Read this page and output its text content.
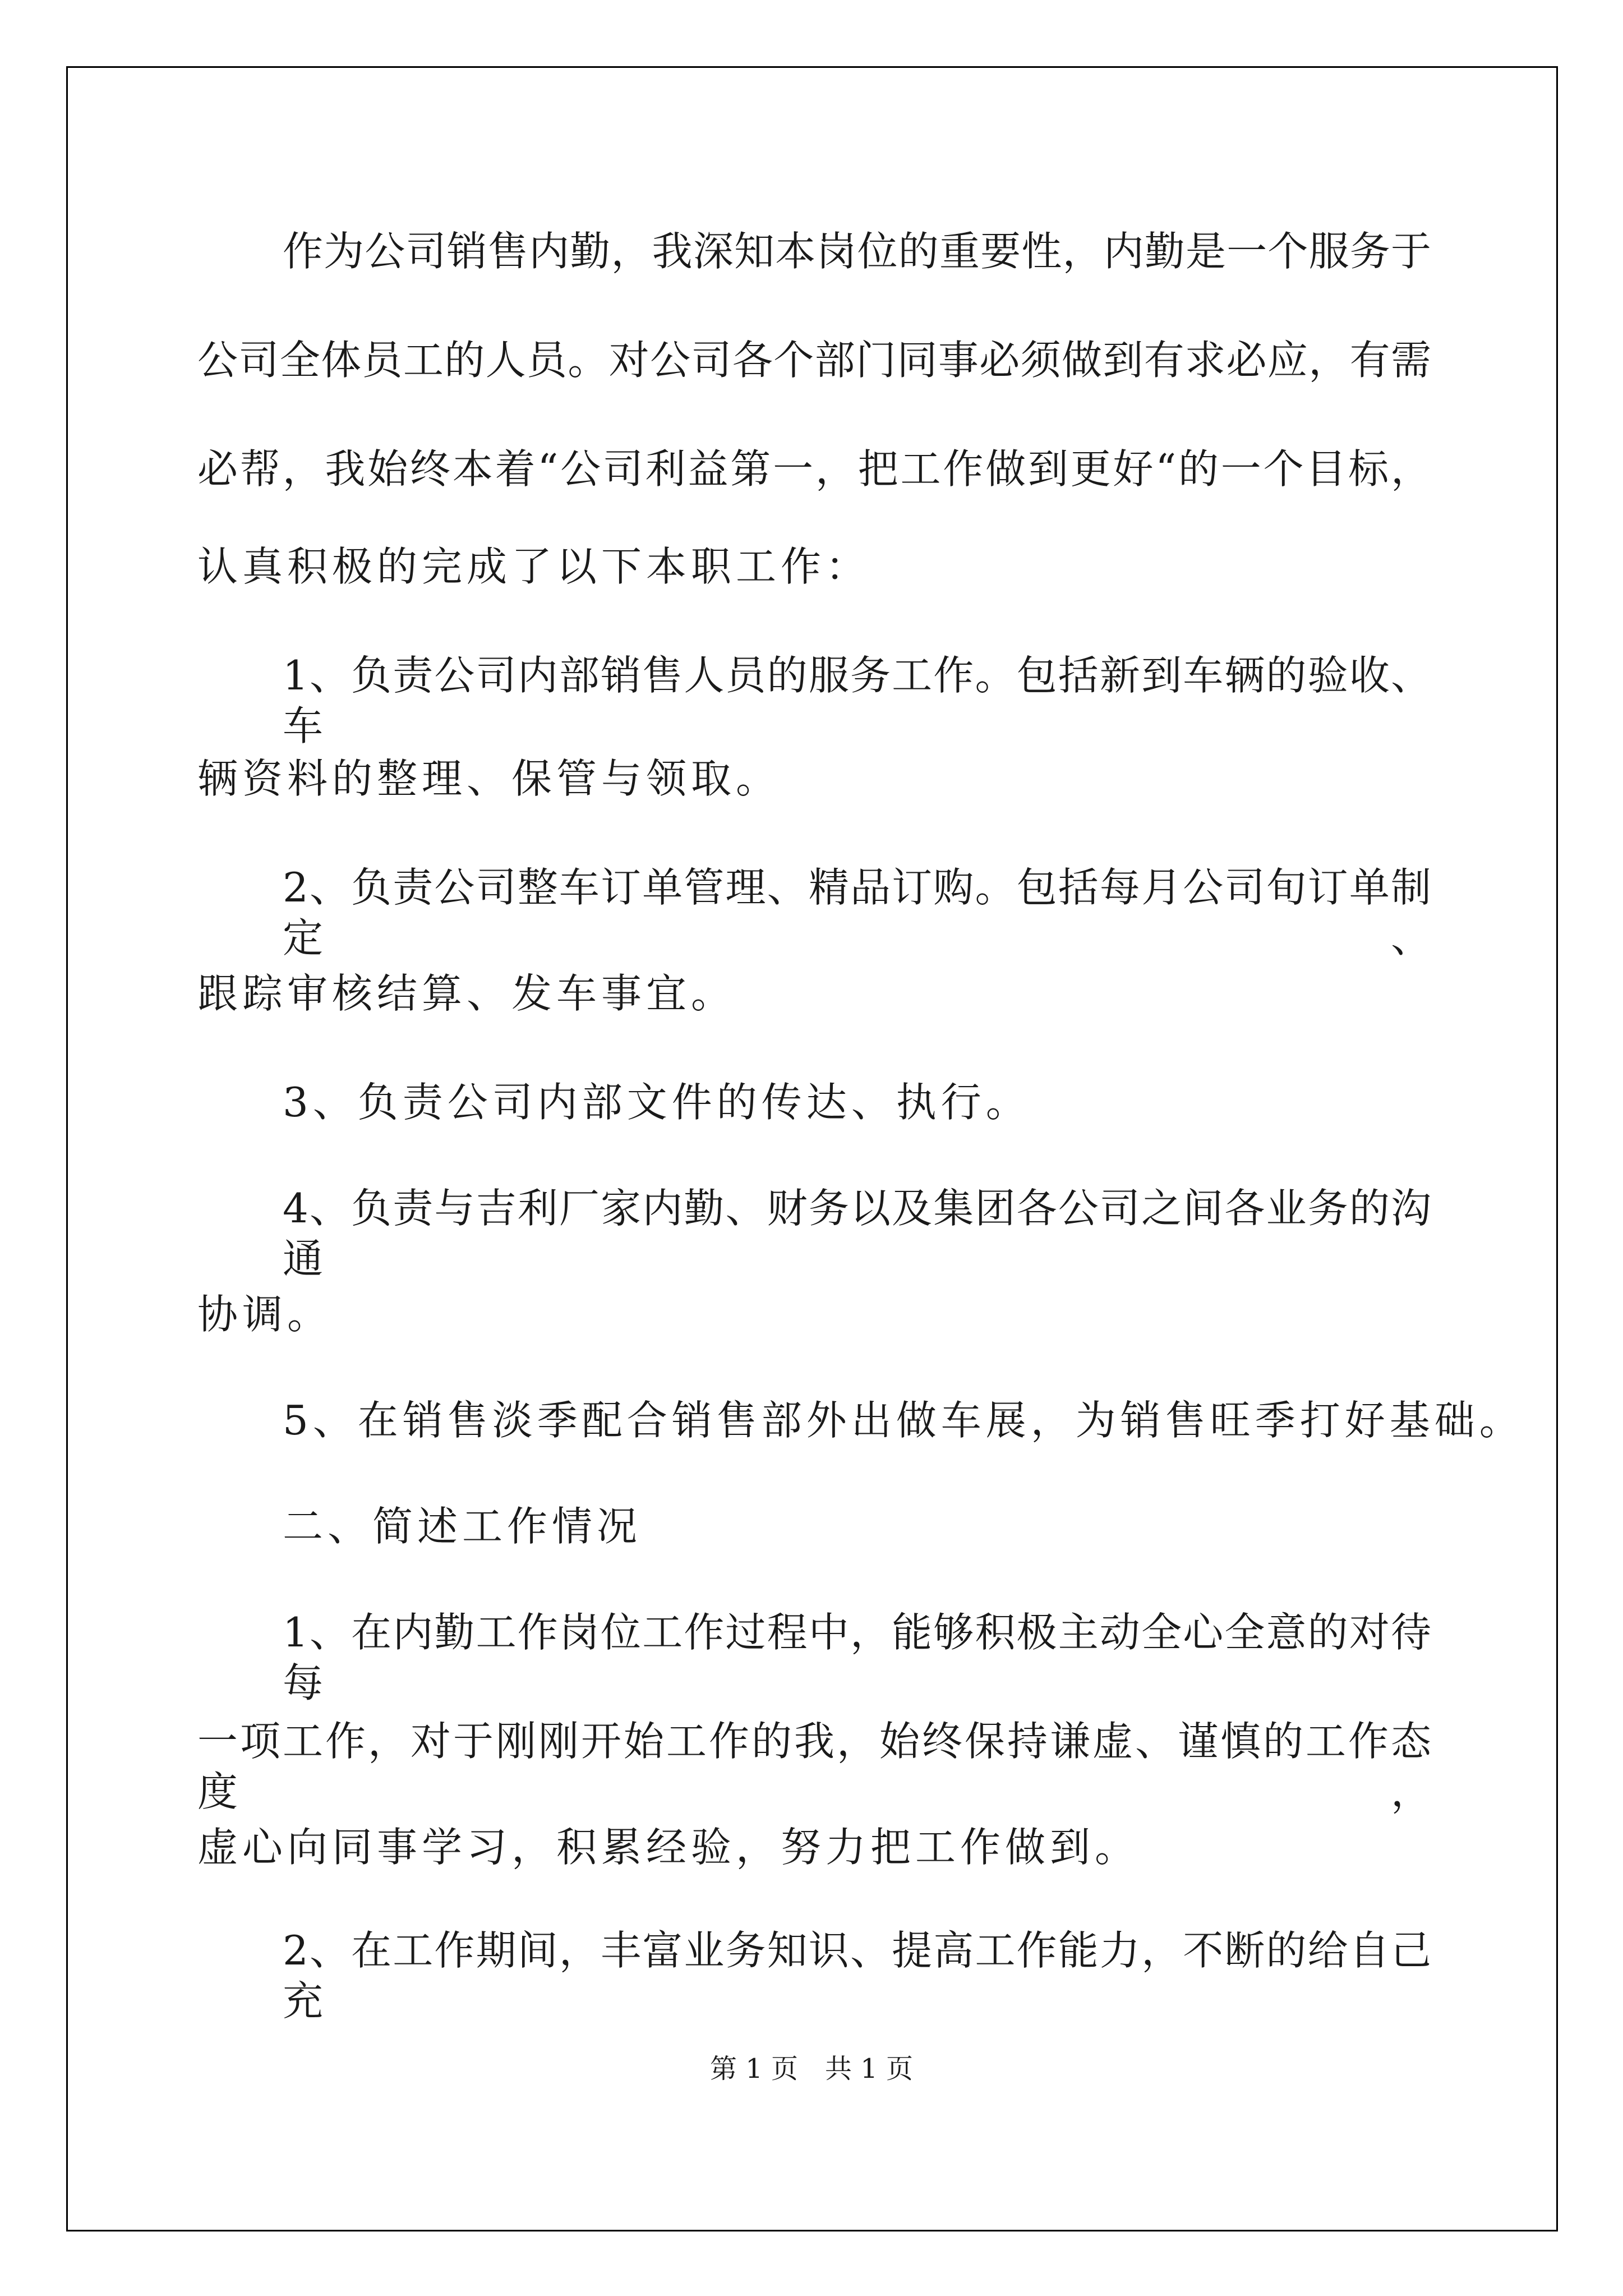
作为公司销售内勤，我深知本岗位的重要性，内勤是一个服务于
公司全体员工的人员。对公司各个部门同事必须做到有求必应，有需
必帮，我始终本着“公司利益第一，把工作做到更好“的一个目标，
认真积极的完成了以下本职工作：
1、负责公司内部销售人员的服务工作。包括新到车辆的验收、车
辆资料的整理、保管与领取。
2、负责公司整车订单管理、精品订购。包括每月公司旬订单制定、
跟踪审核结算、发车事宜。
3、负责公司内部文件的传达、执行。
4、负责与吉利厂家内勤、财务以及集团各公司之间各业务的沟通
协调。
5、在销售淡季配合销售部外出做车展，为销售旺季打好基础。
二、简述工作情况
1、在内勤工作岗位工作过程中，能够积极主动全心全意的对待每
一项工作，对于刚刚开始工作的我，始终保持谦虚、谨慎的工作态度，
虚心向同事学习，积累经验，努力把工作做到。
2、在工作期间，丰富业务知识、提高工作能力，不断的给自己充
第 1 页　共 1 页
